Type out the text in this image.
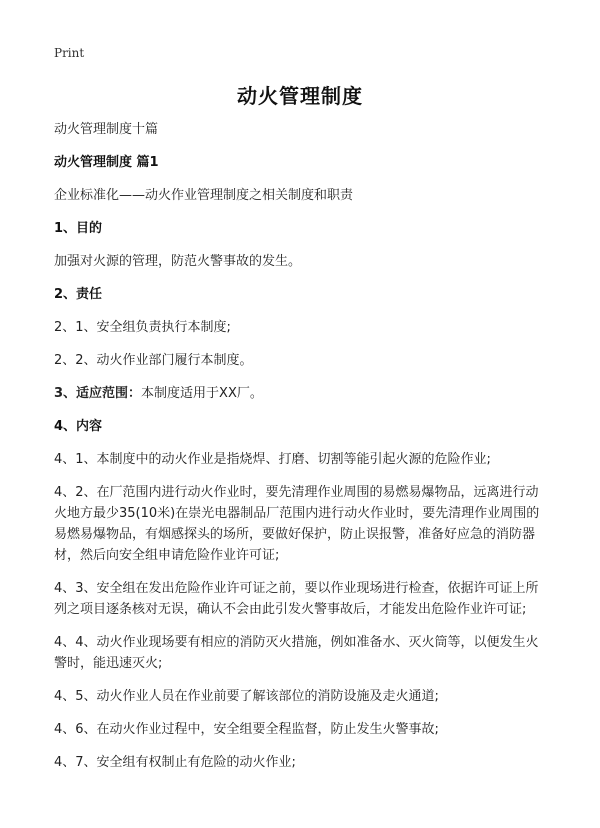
Print
动火管理制度
动火管理制度十篇
动火管理制度 篇1
企业标准化——动火作业管理制度之相关制度和职责
1、目的
加强对火源的管理，防范火警事故的发生。
2、责任
2、1、安全组负责执行本制度;
2、2、动火作业部门履行本制度。
3、适应范围：本制度适用于XX厂。
4、内容
4、1、本制度中的动火作业是指烧焊、打磨、切割等能引起火源的危险作业;
4、2、在厂范围内进行动火作业时，要先清理作业周围的易燃易爆物品，远离进行动火地方最少35(10米)在崇光电器制品厂范围内进行动火作业时，要先清理作业周围的易燃易爆物品，有烟感探头的场所，要做好保护，防止误报警，准备好应急的消防器材，然后向安全组申请危险作业许可证;
4、3、安全组在发出危险作业许可证之前，要以作业现场进行检查，依据许可证上所列之项目逐条核对无误，确认不会由此引发火警事故后，才能发出危险作业许可证;
4、4、动火作业现场要有相应的消防灭火措施，例如准备水、灭火筒等，以便发生火警时，能迅速灭火;
4、5、动火作业人员在作业前要了解该部位的消防设施及走火通道;
4、6、在动火作业过程中，安全组要全程监督，防止发生火警事故;
4、7、安全组有权制止有危险的动火作业;
